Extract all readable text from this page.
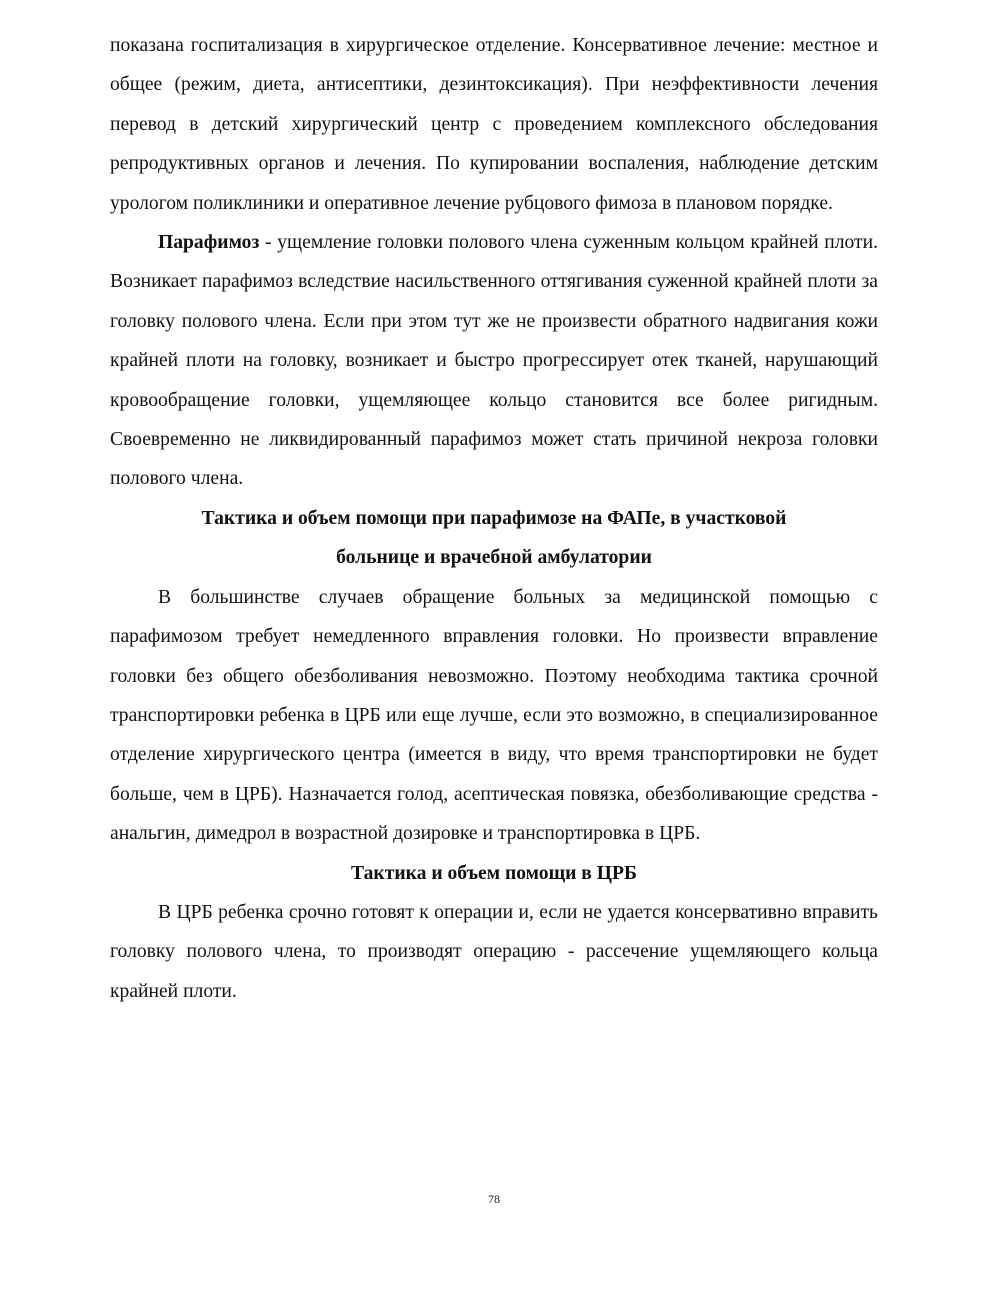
показана госпитализация в хирургическое отделение. Консервативное лечение: местное и общее (режим, диета, антисептики, дезинтоксикация). При неэффективности лечения перевод в детский хирургический центр с проведением комплексного обследования репродуктивных органов и лечения. По купировании воспаления, наблюдение детским урологом поликлиники и оперативное лечение рубцового фимоза в плановом порядке.

Парафимоз - ущемление головки полового члена суженным кольцом крайней плоти. Возникает парафимоз вследствие насильственного оттягивания суженной крайней плоти за головку полового члена. Если при этом тут же не произвести обратного надвигания кожи крайней плоти на головку, возникает и быстро прогрессирует отек тканей, нарушающий кровообращение головки, ущемляющее кольцо становится все более ригидным. Своевременно не ликвидированный парафимоз может стать причиной некроза головки полового члена.

Тактика и объем помощи при парафимозе на ФАПе, в участковой
больнице и врачебной амбулатории

В большинстве случаев обращение больных за медицинской помощью с парафимозом требует немедленного вправления головки. Но произвести вправление головки без общего обезболивания невозможно. Поэтому необходима тактика срочной транспортировки ребенка в ЦРБ или еще лучше, если это возможно, в специализированное отделение хирургического центра (имеется в виду, что время транспортировки не будет больше, чем в ЦРБ). Назначается голод, асептическая повязка, обезболивающие средства - анальгин, димедрол в возрастной дозировке и транспортировка в ЦРБ.

Тактика и объем помощи в ЦРБ

В ЦРБ ребенка срочно готовят к операции и, если не удается консервативно вправить головку полового члена, то производят операцию - рассечение ущемляющего кольца крайней плоти.

78
